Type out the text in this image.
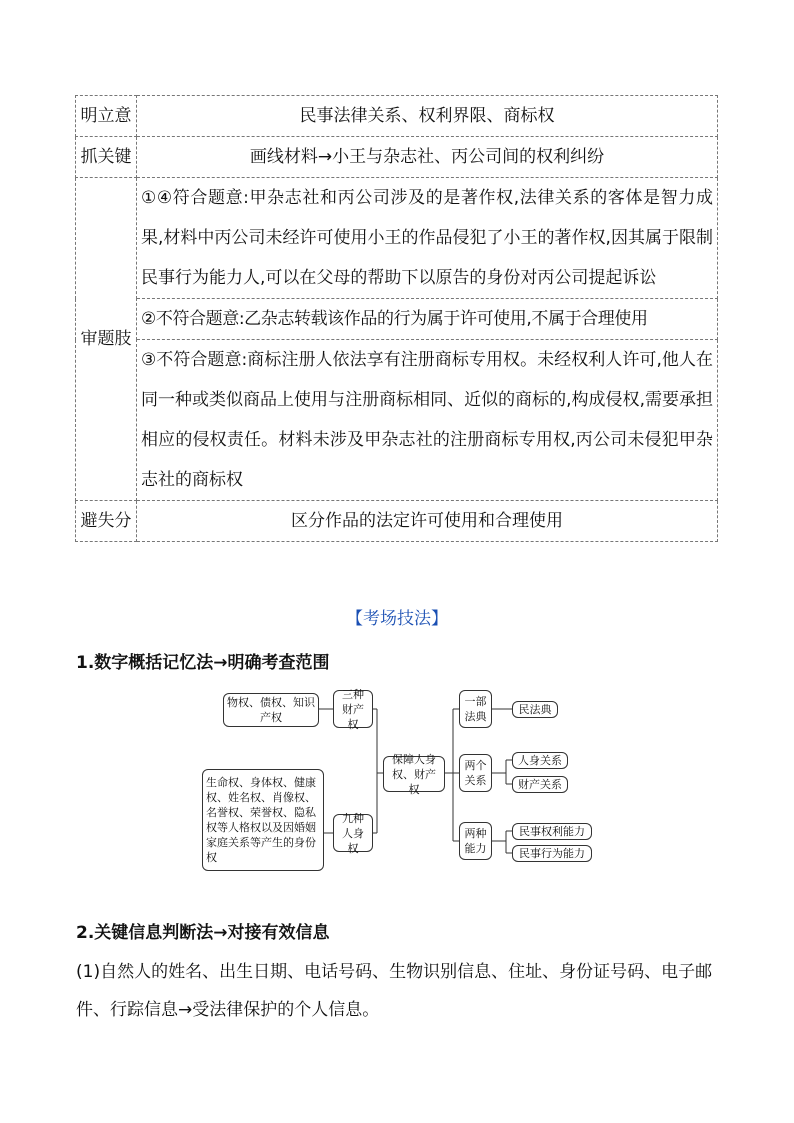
明立意	民事法律关系、权利界限、商标权
抓关键	画线材料→小王与杂志社、丙公司间的权利纠纷
审题肢	①④符合题意:甲杂志社和丙公司涉及的是著作权,法律关系的客体是智力成果,材料中丙公司未经许可使用小王的作品侵犯了小王的著作权,因其属于限制民事行为能力人,可以在父母的帮助下以原告的身份对丙公司提起诉讼
	②不符合题意:乙杂志转载该作品的行为属于许可使用,不属于合理使用
	③不符合题意:商标注册人依法享有注册商标专用权。未经权利人许可,他人在同一种或类似商品上使用与注册商标相同、近似的商标的,构成侵权,需要承担相应的侵权责任。材料未涉及甲杂志社的注册商标专用权,丙公司未侵犯甲杂志社的商标权
避失分	区分作品的法定许可使用和合理使用
【考场技法】
1.数字概括记忆法→明确考查范围
物权、债权、知识产权
三种财产权
生命权、身体权、健康权、姓名权、肖像权、名誉权、荣誉权、隐私权等人格权以及因婚姻家庭关系等产生的身份权
九种人身权
保障人身权、财产权
一部法典
民法典
两个关系
人身关系
财产关系
两种能力
民事权利能力
民事行为能力
2.关键信息判断法→对接有效信息
(1)自然人的姓名、出生日期、电话号码、生物识别信息、住址、身份证号码、电子邮件、行踪信息→受法律保护的个人信息。
